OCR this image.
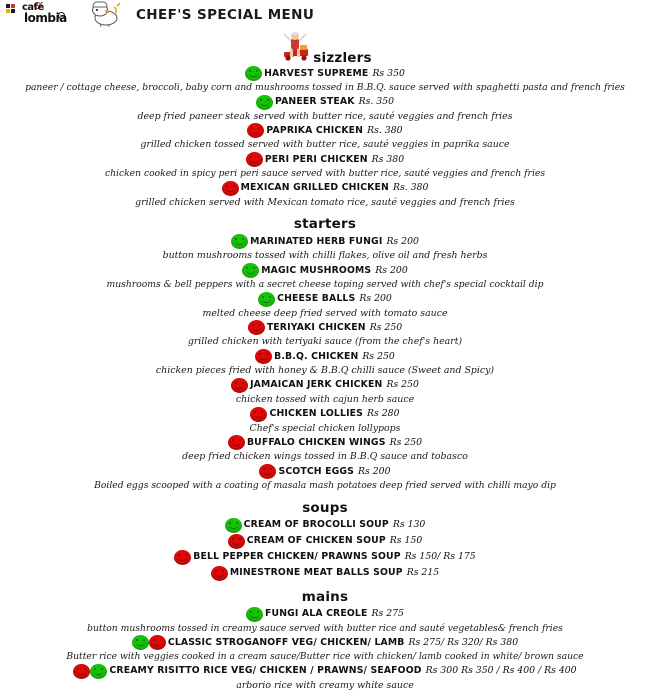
café
lombia	CHEF'S SPECIAL MENU
sizzlers
HARVEST SUPREME Rs 350
paneer / cottage cheese, broccoli, baby corn and mushrooms tossed in B.B.Q. sauce served with spaghetti pasta and french fries
PANEER STEAK Rs. 350
deep fried paneer steak served with butter rice, sauté veggies and french fries
PAPRIKA CHICKEN Rs. 380
grilled chicken tossed served with butter rice, sauté veggies in paprika sauce
PERI PERI CHICKEN Rs 380
chicken cooked in spicy peri peri sauce served with butter rice, sauté veggies and french fries
MEXICAN GRILLED CHICKEN Rs. 380
grilled chicken served with Mexican tomato rice, sauté veggies and french fries
starters
MARINATED HERB FUNGI Rs 200
button mushrooms tossed with chilli flakes, olive oil and fresh herbs
MAGIC MUSHROOMS Rs 200
mushrooms & bell peppers with a secret cheese toping served with chef's special cocktail dip
CHEESE BALLS Rs 200
melted cheese deep fried served with tomato sauce
TERIYAKI CHICKEN Rs 250
grilled chicken with teriyaki sauce (from the chef's heart)
B.B.Q. CHICKEN Rs 250
chicken pieces fried with honey & B.B.Q chilli sauce (Sweet and Spicy)
JAMAICAN JERK CHICKEN Rs 250
chicken tossed with cajun herb sauce
CHICKEN LOLLIES Rs 280
Chef's special chicken lollypops
BUFFALO CHICKEN WINGS Rs 250
deep fried chicken wings tossed in B.B.Q sauce and tobasco
SCOTCH EGGS Rs 200
Boiled eggs scooped with a coating of masala mash potatoes deep fried served with chilli mayo dip
soups
CREAM OF BROCOLLI SOUP Rs 130
CREAM OF CHICKEN SOUP Rs 150
BELL PEPPER CHICKEN/ PRAWNS SOUP Rs 150/ Rs 175
MINESTRONE MEAT BALLS SOUP Rs 215
mains
FUNGI ALA CREOLE Rs 275
button mushrooms tossed in creamy sauce served with butter rice and sauté vegetables& french fries
CLASSIC STROGANOFF VEG/ CHICKEN/ LAMB Rs 275/ Rs 320/ Rs 380
Butter rice with veggies cooked in a cream sauce/Butter rice with chicken/ lamb cooked in white/ brown sauce
CREAMY RISITTO RICE VEG/ CHICKEN / PRAWNS/ SEAFOOD Rs 300 Rs 350 / Rs 400 / Rs 400
arborio rice with creamy white sauce
